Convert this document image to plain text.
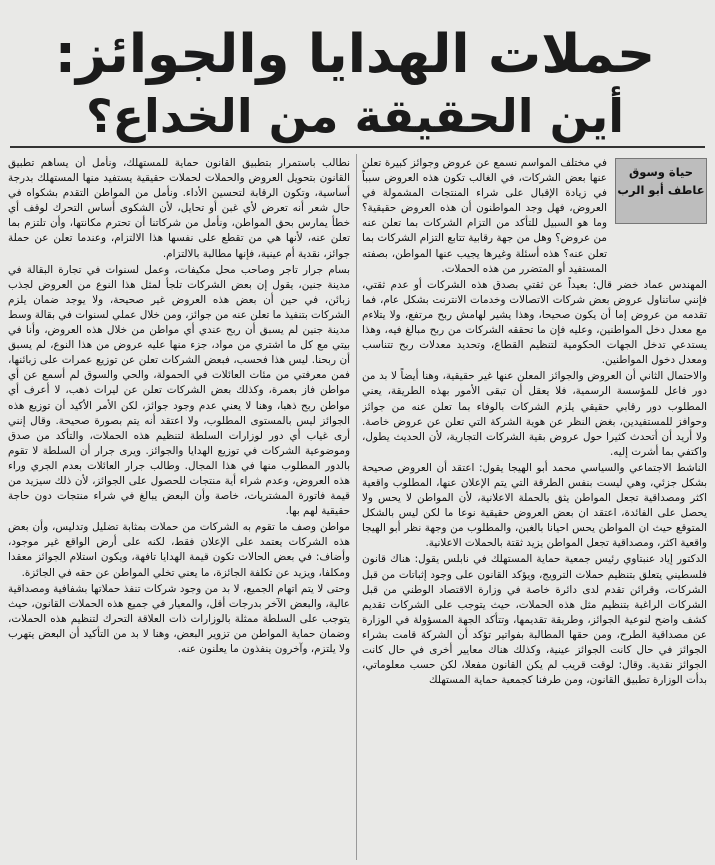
حملات الهدايا والجوائز:
أين الحقيقة من الخداع؟
حياة وسوق
عاطف أبو الرب

في مختلف المواسم نسمع عن عروض وجوائز كبيرة تعلن عنها بعض الشركات، في الغالب تكون هذه العروض سبباً في زيادة الإقبال على شراء المنتجات المشمولة في العروض، فهل وجد المواطنون أن هذه العروض حقيقية؟ وما هو السبيل للتأكد من التزام الشركات بما تعلن عنه من عروض؟ وهل من جهة رقابية تتابع التزام الشركات بما تعلن عنه؟ هذه أسئلة وغيرها يجيب عنها المواطن، بصفته المستفيد أو المتضرر من هذه الحملات.

المهندس عماد خضر قال: بعيداً عن ثقتي بصدق هذه الشركات أو عدم ثقتي، فإنني ساتناول عروض بعض شركات الاتصالات وخدمات الانترنت بشكل عام، فما تقدمه من عروض إما أن يكون صحيحا، وهذا يشير لهامش ربح مرتفع، ولا يتلاءم مع معدل دخل المواطنين، وعليه فإن ما تحققه الشركات من ربح مبالغ فيه، وهذا يستدعي تدخل الجهات الحكومية لتنظيم القطاع، وتحديد معدلات ربح تتناسب ومعدل دخول المواطنين.

والاحتمال الثاني أن العروض والجوائز المعلن عنها غير حقيقية، وهنا أيضاً لا بد من دور فاعل للمؤسسة الرسمية، فلا يعقل أن تبقى الأمور بهذه الطريقة، يعني المطلوب دور رقابي حقيقي يلزم الشركات بالوفاء بما تعلن عنه من جوائز وحوافز للمستفيدين، بغض النظر عن هوية الشركة التي تعلن عن عروض خاصة. ولا أريد أن أتحدث كثيرا حول عروض بقية الشركات التجارية، لأن الحديث يطول، واكتفي بما أشرت إليه.

الناشط الاجتماعي والسياسي محمد أبو الهيجا يقول: اعتقد أن العروض صحيحة بشكل جزئي، وهي ليست بنفس الطرقة التي يتم الإعلان عنها، المطلوب واقعية اكثر ومصداقية تجعل المواطن يثق بالحملة الاعلانية، لأن المواطن لا يحس ولا يحصل على الفائدة، اعتقد ان بعض العروض حقيقية نوعا ما لكن ليس بالشكل المتوقع حيث ان المواطن يحس احيانا بالغبن، والمطلوب من وجهة نظر أبو الهيجا واقعية اكثر، ومصداقية تجعل المواطن يزيد ثقتة بالحملات الاعلانية.

الدكتور إياد عنبتاوي رئيس جمعية حماية المستهلك في نابلس يقول: هناك قانون فلسطيني يتعلق بتنظيم حملات الترويج، ويؤكد القانون على وجود إثباتات من قبل الشركات، وقرائن تقدم لدى دائرة خاصة في وزارة الاقتصاد الوطني من قبل الشركات الراغبة بتنظيم مثل هذه الحملات، حيث يتوجب على الشركات تقديم كشف واضح لنوعية الجوائز، وطريقة تقديمها، وتتأكد الجهة المسؤولة في الوزارة عن مصداقية الطرح، ومن حقها المطالبة بفواتير تؤكد أن الشركة قامت بشراء الجوائز في حال كانت الجوائز عينية، وكذلك هناك معايير أخرى في حال كانت الجوائز نقدية. وقال: لوقت قريب لم يكن القانون مفعلا، لكن حسب معلوماتي، بدأت الوزارة تطبيق القانون، ومن طرفنا كجمعية حماية المستهلك

نطالب باستمرار بتطبيق القانون حماية للمستهلك، ونأمل أن يساهم تطبيق القانون بتحويل العروض والحملات لحملات حقيقية يستفيد منها المستهلك بدرجة أساسية، وتكون الرقابة لتحسين الأداء. ونأمل من المواطن التقدم بشكواه في حال شعر أنه تعرض لأي غبن أو تحايل، لأن الشكوى أساس التحرك لوقف أي خطأ يمارس بحق المواطن، ونأمل من شركاتنا أن تحترم مكانتها، وأن تلتزم بما تعلن عنه، لأنها هي من تقطع على نفسها هذا الالتزام، وعندما تعلن عن حملة جوائز، نقدية أم عينية، فإنها مطالبة بالالتزام.

بسام جرار تاجر وصاحب محل مكيفات، وعمل لسنوات في تجارة البقالة في مدينة جنين، يقول إن بعض الشركات تلجأ لمثل هذا النوع من العروض لجذب زبائن، في حين أن بعض هذه العروض غير صحيحة، ولا يوجد ضمان يلزم الشركات بتنفيذ ما تعلن عنه من جوائز، ومن خلال عملي لسنوات في بقالة وسط مدينة جنين لم يسبق أن ربح عندي أي مواطن من خلال هذه العروض، وأنا في بيتي مع كل ما اشتري من مواد، جزء منها عليه عروض من هذا النوع، لم يسبق أن ربحنا. ليس هذا فحسب، فبعض الشركات تعلن عن توزيع عمرات على زبائنها، فمن معرفتي من مئات العائلات في الحمولة، والحي والسوق لم أسمع عن أي مواطن فاز بعمرة، وكذلك بعض الشركات تعلن عن ليرات ذهب، لا أعرف أي مواطن ربح ذهبا، وهنا لا يعني عدم وجود جوائز، لكن الأمر الأكيد أن توزيع هذه الجوائز ليس بالمستوى المطلوب، ولا اعتقد أنه يتم بصورة صحيحة. وقال إنني أرى غياب أي دور لوزارات السلطة لتنظيم هذه الحملات، والتأكد من صدق وموضوعية الشركات في توزيع الهدايا والجوائز. ويرى جرار أن السلطة لا تقوم بالدور المطلوب منها في هذا المجال. وطالب جرار العائلات بعدم الجري وراء هذه العروض، وعدم شراء أية منتجات للحصول على الجوائز، لأن ذلك سيزيد من قيمة فاتورة المشتريات، خاصة وأن البعض يبالغ في شراء منتجات دون حاجة حقيقية لهم بها.

مواطن وصف ما تقوم به الشركات من حملات بمثابة تضليل وتدليس، وأن بعض هذه الشركات يعتمد على الإعلان فقط، لكنه على أرض الواقع غير موجود، وأضاف: في بعض الحالات تكون قيمة الهدايا تافهة، ويكون استلام الجوائز معقدا ومكلفا، ويزيد عن تكلفة الجائزة، ما يعني تخلي المواطن عن حقه في الجائزة.

وحتى لا يتم اتهام الجميع، لا بد من وجود شركات تنفذ حملاتها بشفافية ومصداقية عالية، والبعض الآخر بدرجات أقل، والمعيار في جميع هذه الحملات القانون، حيث يتوجب على السلطة ممثلة بالوزارات ذات العلاقة التحرك لتنظيم هذه الحملات، وضمان حماية المواطن من تزوير البعض، وهنا لا بد من التأكيد أن البعض يتهرب ولا يلتزم، وآخرون ينفذون ما يعلنون عنه.
